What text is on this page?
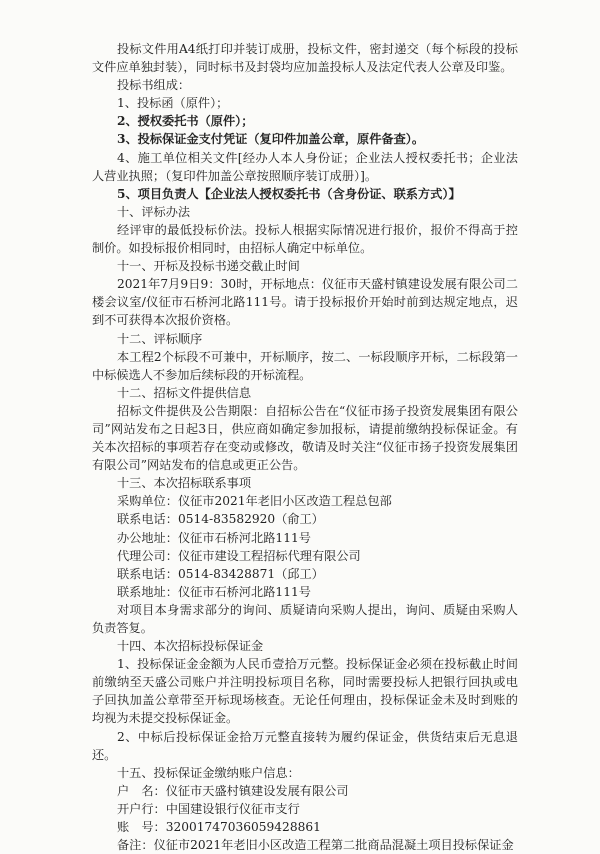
投标文件用A4纸打印并装订成册，投标文件，密封递交（每个标段的投标文件应单独封装），同时标书及封袋均应加盖投标人及法定代表人公章及印鉴。

投标书组成：

1、投标函（原件）；

2、授权委托书（原件）；

3、投标保证金支付凭证（复印件加盖公章，原件备查）。

4、施工单位相关文件[经办人本人身份证；企业法人授权委托书；企业法人营业执照；（复印件加盖公章按照顺序装订成册）]。

5、项目负责人【企业法人授权委托书（含身份证、联系方式）】

十、评标办法

经评审的最低投标价法。投标人根据实际情况进行报价，报价不得高于控制价。如投标报价相同时，由招标人确定中标单位。

十一、开标及投标书递交截止时间

2021年7月9日9：30时，开标地点：仪征市天盛村镇建设发展有限公司二楼会议室/仪征市石桥河北路111号。请于投标报价开始时前到达规定地点，迟到不可获得本次报价资格。

十二、评标顺序

本工程2个标段不可兼中，开标顺序，按二、一标段顺序开标，二标段第一中标候选人不参加后续标段的开标流程。

十二、招标文件提供信息

招标文件提供及公告期限：自招标公告在“仪征市扬子投资发展集团有限公司”网站发布之日起3日，供应商如确定参加报标，请提前缴纳投标保证金。有关本次招标的事项若存在变动或修改，敬请及时关注“仪征市扬子投资发展集团有限公司”网站发布的信息或更正公告。

十三、本次招标联系事项

采购单位：仪征市2021年老旧小区改造工程总包部

联系电话：0514-83582920（俞工）

办公地址：仪征市石桥河北路111号

代理公司：仪征市建设工程招标代理有限公司

联系电话：0514-83428871（邱工）

联系地址：仪征市石桥河北路111号

对项目本身需求部分的询问、质疑请向采购人提出，询问、质疑由采购人负责答复。

十四、本次招标投标保证金

1、投标保证金金额为人民币壹拾万元整。投标保证金必须在投标截止时间前缴纳至天盛公司账户并注明投标项目名称，同时需要投标人把银行回执或电子回执加盖公章带至开标现场核查。无论任何理由，投标保证金未及时到账的均视为未提交投标保证金。

2、中标后投标保证金拾万元整直接转为履约保证金，供货结束后无息退还。

十五、投标保证金缴纳账户信息：

户　名：仪征市天盛村镇建设发展有限公司

开户行：中国建设银行仪征市支行

账　号：32001747036059428861

备注：仪征市2021年老旧小区改造工程第二批商品混凝土项目投标保证金
